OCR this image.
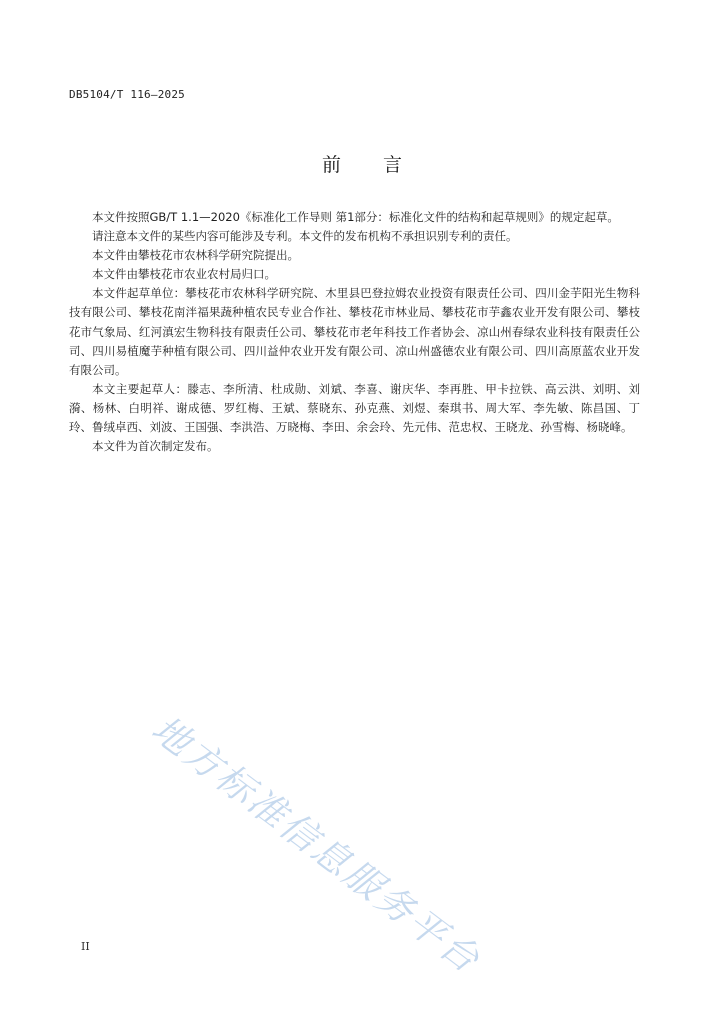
DB5104/T 116—2025
前言

本文件按照GB/T 1.1—2020《标准化工作导则 第1部分：标准化文件的结构和起草规则》的规定起草。

请注意本文件的某些内容可能涉及专利。本文件的发布机构不承担识别专利的责任。

本文件由攀枝花市农林科学研究院提出。

本文件由攀枝花市农业农村局归口。

本文件起草单位：攀枝花市农林科学研究院、木里县巴登拉姆农业投资有限责任公司、四川金芋阳光生物科技有限公司、攀枝花南泮福果蔬种植农民专业合作社、攀枝花市林业局、攀枝花市芋鑫农业开发有限公司、攀枝花市气象局、红河滇宏生物科技有限责任公司、攀枝花市老年科技工作者协会、凉山州春绿农业科技有限责任公司、四川易植魔芋种植有限公司、四川益仲农业开发有限公司、凉山州盛德农业有限公司、四川高原蓝农业开发有限公司。

本文主要起草人：滕志、李所清、杜成勋、刘斌、李喜、谢庆华、李再胜、甲卡拉铁、高云洪、刘明、刘漪、杨林、白明祥、谢成德、罗红梅、王斌、蔡晓东、孙克燕、刘煜、秦琪书、周大军、李先敏、陈昌国、丁玲、鲁绒卓西、刘波、王国强、李洪浩、万晓梅、李田、余会玲、先元伟、范忠权、王晓龙、孙雪梅、杨晓峰。

本文件为首次制定发布。

地方标准信息服务平台
II
